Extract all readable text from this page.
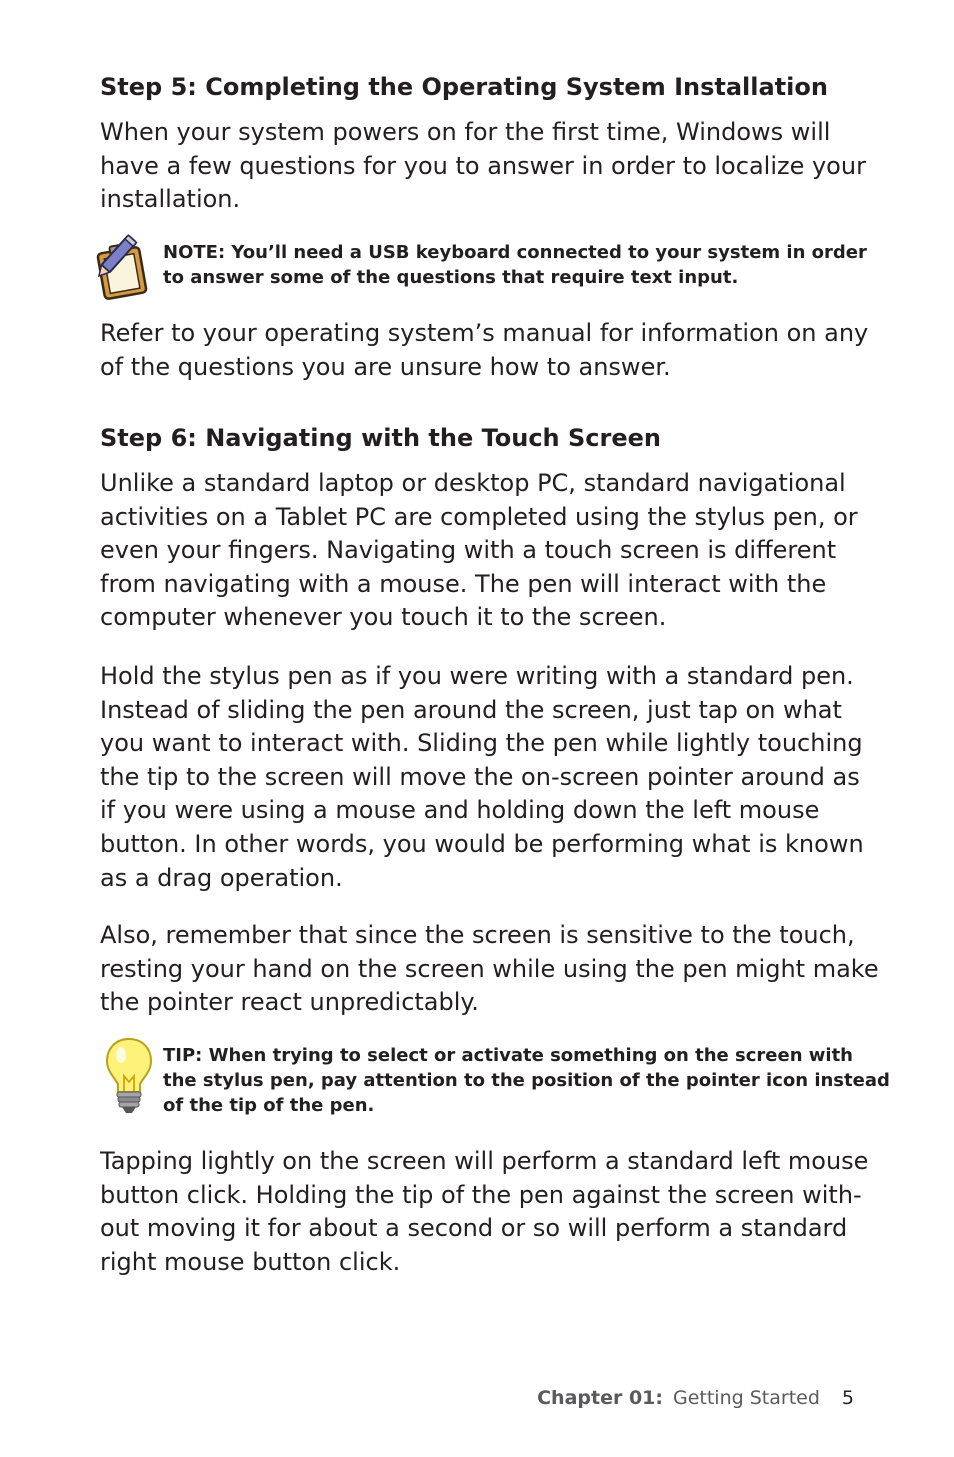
Step 5: Completing the Operating System Installation

When your system powers on for the first time, Windows will
have a few questions for you to answer in order to localize your
installation.

NOTE: You’ll need a USB keyboard connected to your system in order
to answer some of the questions that require text input.

Refer to your operating system’s manual for information on any
of the questions you are unsure how to answer.

Step 6: Navigating with the Touch Screen

Unlike a standard laptop or desktop PC, standard navigational
activities on a Tablet PC are completed using the stylus pen, or
even your fingers. Navigating with a touch screen is different
from navigating with a mouse. The pen will interact with the
computer whenever you touch it to the screen.

Hold the stylus pen as if you were writing with a standard pen.
Instead of sliding the pen around the screen, just tap on what
you want to interact with. Sliding the pen while lightly touching
the tip to the screen will move the on-screen pointer around as
if you were using a mouse and holding down the left mouse
button. In other words, you would be performing what is known
as a drag operation.

Also, remember that since the screen is sensitive to the touch,
resting your hand on the screen while using the pen might make
the pointer react unpredictably.

TIP: When trying to select or activate something on the screen with
the stylus pen, pay attention to the position of the pointer icon instead
of the tip of the pen.

Tapping lightly on the screen will perform a standard left mouse
button click. Holding the tip of the pen against the screen with-
out moving it for about a second or so will perform a standard
right mouse button click.

Chapter 01: Getting Started 5
